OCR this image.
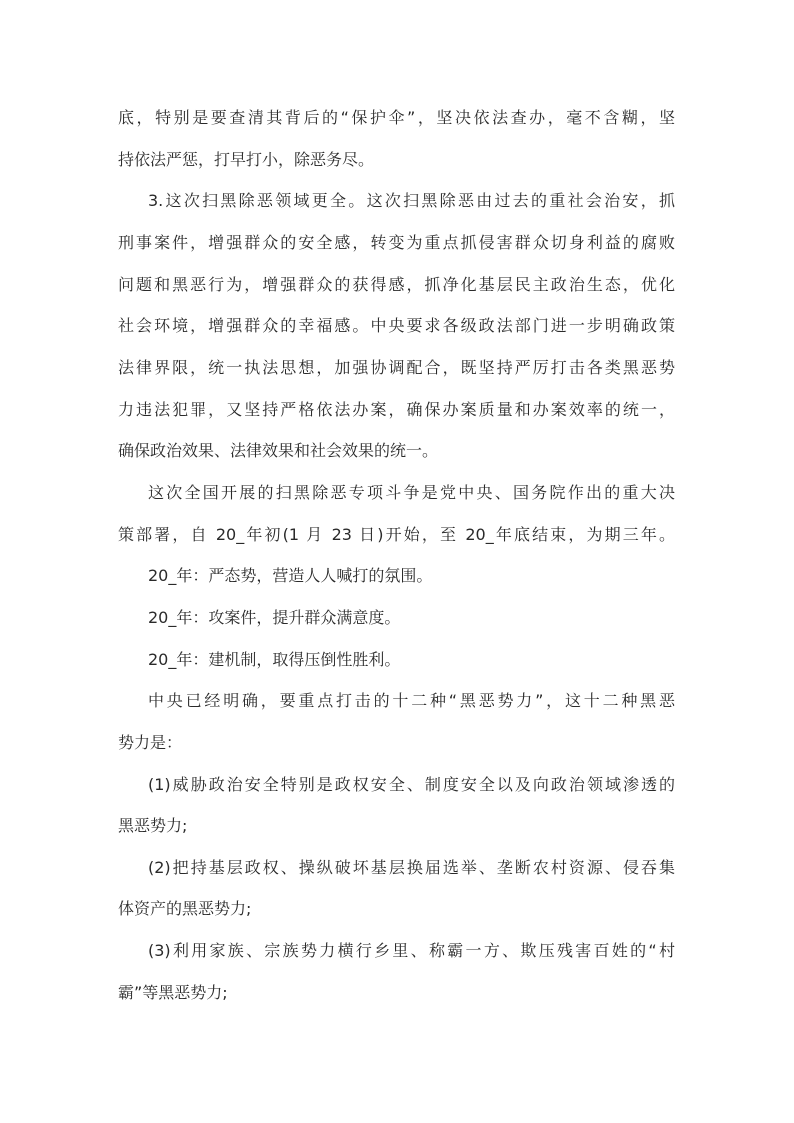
底，特别是要查清其背后的“保护伞”，坚决依法查办，毫不含糊，坚
持依法严惩，打早打小，除恶务尽。
3.这次扫黑除恶领域更全。这次扫黑除恶由过去的重社会治安，抓
刑事案件，增强群众的安全感，转变为重点抓侵害群众切身利益的腐败
问题和黑恶行为，增强群众的获得感，抓净化基层民主政治生态，优化
社会环境，增强群众的幸福感。中央要求各级政法部门进一步明确政策
法律界限，统一执法思想，加强协调配合，既坚持严厉打击各类黑恶势
力违法犯罪，又坚持严格依法办案，确保办案质量和办案效率的统一，
确保政治效果、法律效果和社会效果的统一。
这次全国开展的扫黑除恶专项斗争是党中央、国务院作出的重大决
策部署，自 20_年初(1 月 23 日)开始，至 20_年底结束，为期三年。
20_年：严态势，营造人人喊打的氛围。
20_年：攻案件，提升群众满意度。
20_年：建机制，取得压倒性胜利。
中央已经明确，要重点打击的十二种“黑恶势力”，这十二种黑恶
势力是：
(1)威胁政治安全特别是政权安全、制度安全以及向政治领域渗透的
黑恶势力;
(2)把持基层政权、操纵破坏基层换届选举、垄断农村资源、侵吞集
体资产的黑恶势力;
(3)利用家族、宗族势力横行乡里、称霸一方、欺压残害百姓的“村
霸”等黑恶势力;
